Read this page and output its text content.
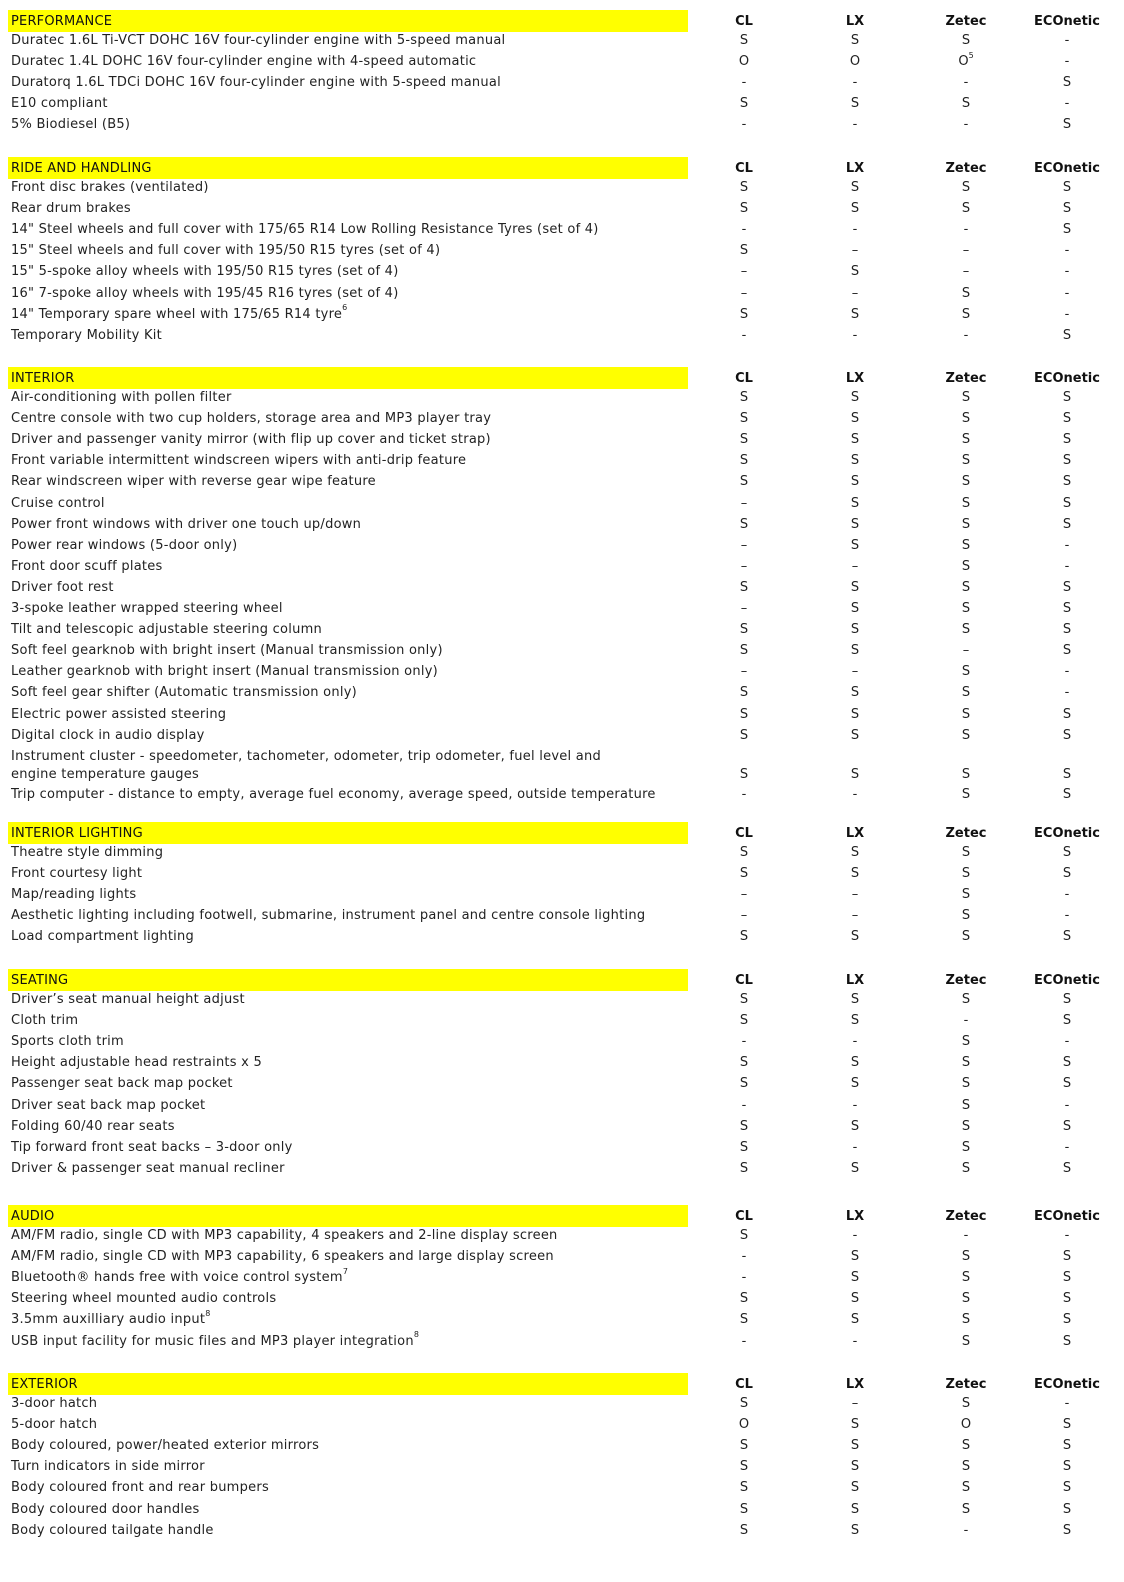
PERFORMANCE	CL	LX	Zetec	ECOnetic
Duratec 1.6L Ti-VCT DOHC 16V four-cylinder engine with 5-speed manual	S	S	S	-
Duratec 1.4L DOHC 16V four-cylinder engine with 4-speed automatic	O	O	$O^5$	-
Duratorq 1.6L TDCi DOHC 16V four-cylinder engine with 5-speed manual	-	-	-	S
E10 compliant	S	S	S	-
5% Biodiesel (B5)	-	-	-	S
RIDE AND HANDLING	CL	LX	Zetec	ECOnetic
Front disc brakes (ventilated)	S	S	S	S
Rear drum brakes	S	S	S	S
14" Steel wheels and full cover with 175/65 R14 Low Rolling Resistance Tyres (set of 4)	-	-	-	S
15" Steel wheels and full cover with 195/50 R15 tyres (set of 4)	S	–	–	-
15" 5-spoke alloy wheels with 195/50 R15 tyres (set of 4)	–	S	–	-
16" 7-spoke alloy wheels with 195/45 R16 tyres (set of 4)	–	–	S	-
14" Temporary spare wheel with 175/65 R14 tyre$^6$	S	S	S	-
Temporary Mobility Kit	-	-	-	S
INTERIOR	CL	LX	Zetec	ECOnetic
Air-conditioning with pollen filter	S	S	S	S
Centre console with two cup holders, storage area and MP3 player tray	S	S	S	S
Driver and passenger vanity mirror (with flip up cover and ticket strap)	S	S	S	S
Front variable intermittent windscreen wipers with anti-drip feature	S	S	S	S
Rear windscreen wiper with reverse gear wipe feature	S	S	S	S
Cruise control	–	S	S	S
Power front windows with driver one touch up/down	S	S	S	S
Power rear windows (5-door only)	–	S	S	-
Front door scuff plates	–	–	S	-
Driver foot rest	S	S	S	S
3-spoke leather wrapped steering wheel	–	S	S	S
Tilt and telescopic adjustable steering column	S	S	S	S
Soft feel gearknob with bright insert (Manual transmission only)	S	S	–	S
Leather gearknob with bright insert (Manual transmission only)	–	–	S	-
Soft feel gear shifter (Automatic transmission only)	S	S	S	-
Electric power assisted steering	S	S	S	S
Digital clock in audio display	S	S	S	S
Instrument cluster - speedometer, tachometer, odometer, trip odometer, fuel level and engine temperature gauges	S	S	S	S
Trip computer - distance to empty, average fuel economy, average speed, outside temperature	-	-	S	S
INTERIOR LIGHTING	CL	LX	Zetec	ECOnetic
Theatre style dimming	S	S	S	S
Front courtesy light	S	S	S	S
Map/reading lights	–	–	S	-
Aesthetic lighting including footwell, submarine, instrument panel and centre console lighting	–	–	S	-
Load compartment lighting	S	S	S	S
SEATING	CL	LX	Zetec	ECOnetic
Driver’s seat manual height adjust	S	S	S	S
Cloth trim	S	S	-	S
Sports cloth trim	-	-	S	-
Height adjustable head restraints x 5	S	S	S	S
Passenger seat back map pocket	S	S	S	S
Driver seat back map pocket	-	-	S	-
Folding 60/40 rear seats	S	S	S	S
Tip forward front seat backs – 3-door only	S	-	S	-
Driver & passenger seat manual recliner	S	S	S	S
AUDIO	CL	LX	Zetec	ECOnetic
AM/FM radio, single CD with MP3 capability, 4 speakers and 2-line display screen	S	-	-	-
AM/FM radio, single CD with MP3 capability, 6 speakers and large display screen	-	S	S	S
Bluetooth® hands free with voice control system$^7$	-	S	S	S
Steering wheel mounted audio controls	S	S	S	S
3.5mm auxilliary audio input$^8$	S	S	S	S
USB input facility for music files and MP3 player integration$^8$	-	-	S	S
EXTERIOR	CL	LX	Zetec	ECOnetic
3-door hatch	S	–	S	-
5-door hatch	O	S	O	S
Body coloured, power/heated exterior mirrors	S	S	S	S
Turn indicators in side mirror	S	S	S	S
Body coloured front and rear bumpers	S	S	S	S
Body coloured door handles	S	S	S	S
Body coloured tailgate handle	S	S	-	S
